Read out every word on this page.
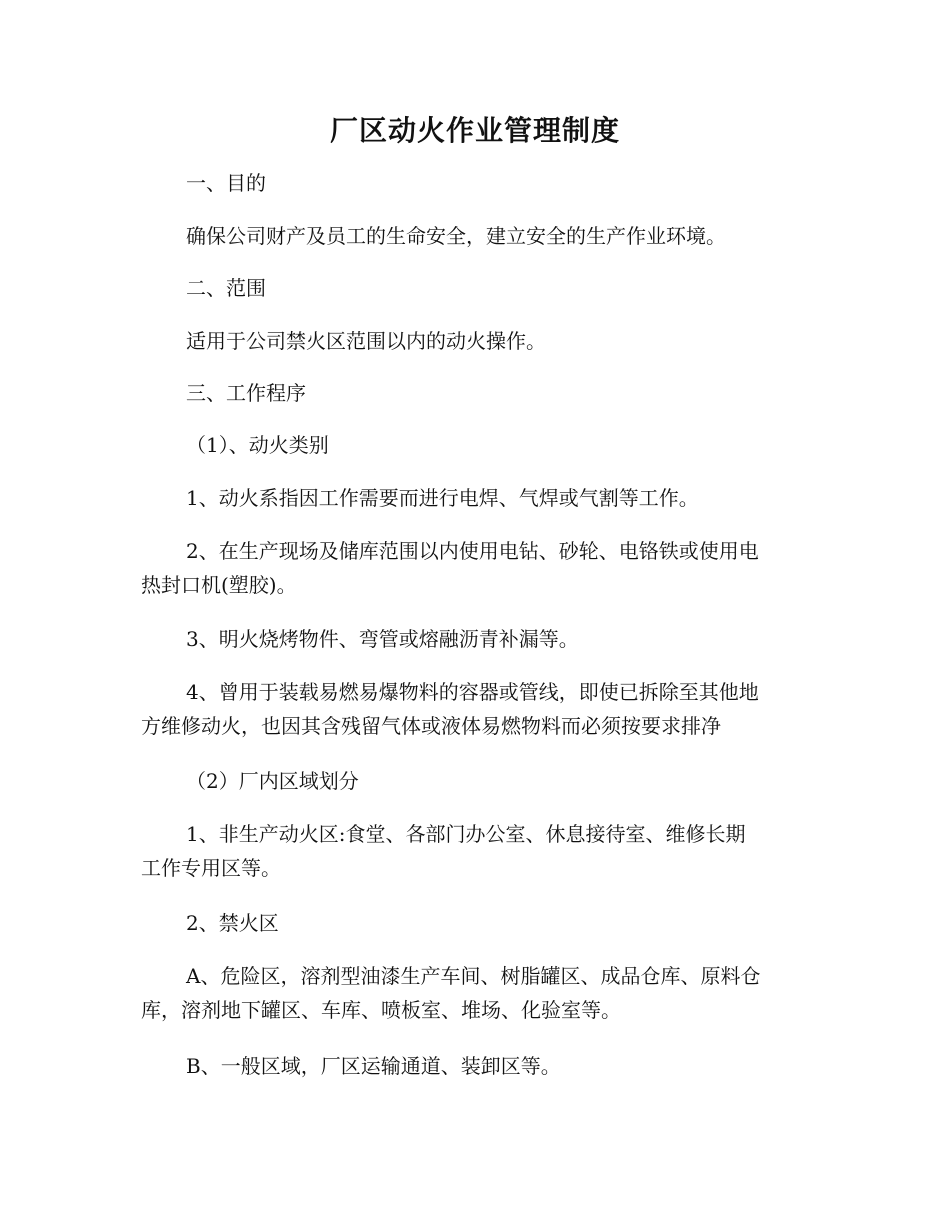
厂区动火作业管理制度

一、目的

确保公司财产及员工的生命安全，建立安全的生产作业环境。

二、范围

适用于公司禁火区范围以内的动火操作。

三、工作程序

（1）、动火类别

1、动火系指因工作需要而进行电焊、气焊或气割等工作。

2、在生产现场及储库范围以内使用电钻、砂轮、电铬铁或使用电
热封口机(塑胶)。

3、明火烧烤物件、弯管或熔融沥青补漏等。

4、曾用于装载易燃易爆物料的容器或管线，即使已拆除至其他地
方维修动火，也因其含残留气体或液体易燃物料而必须按要求排净

（2）厂内区域划分

1、非生产动火区:食堂、各部门办公室、休息接待室、维修长期
工作专用区等。

2、禁火区

A、危险区，溶剂型油漆生产车间、树脂罐区、成品仓库、原料仓
库，溶剂地下罐区、车库、喷板室、堆场、化验室等。

B、一般区域，厂区运输通道、装卸区等。
